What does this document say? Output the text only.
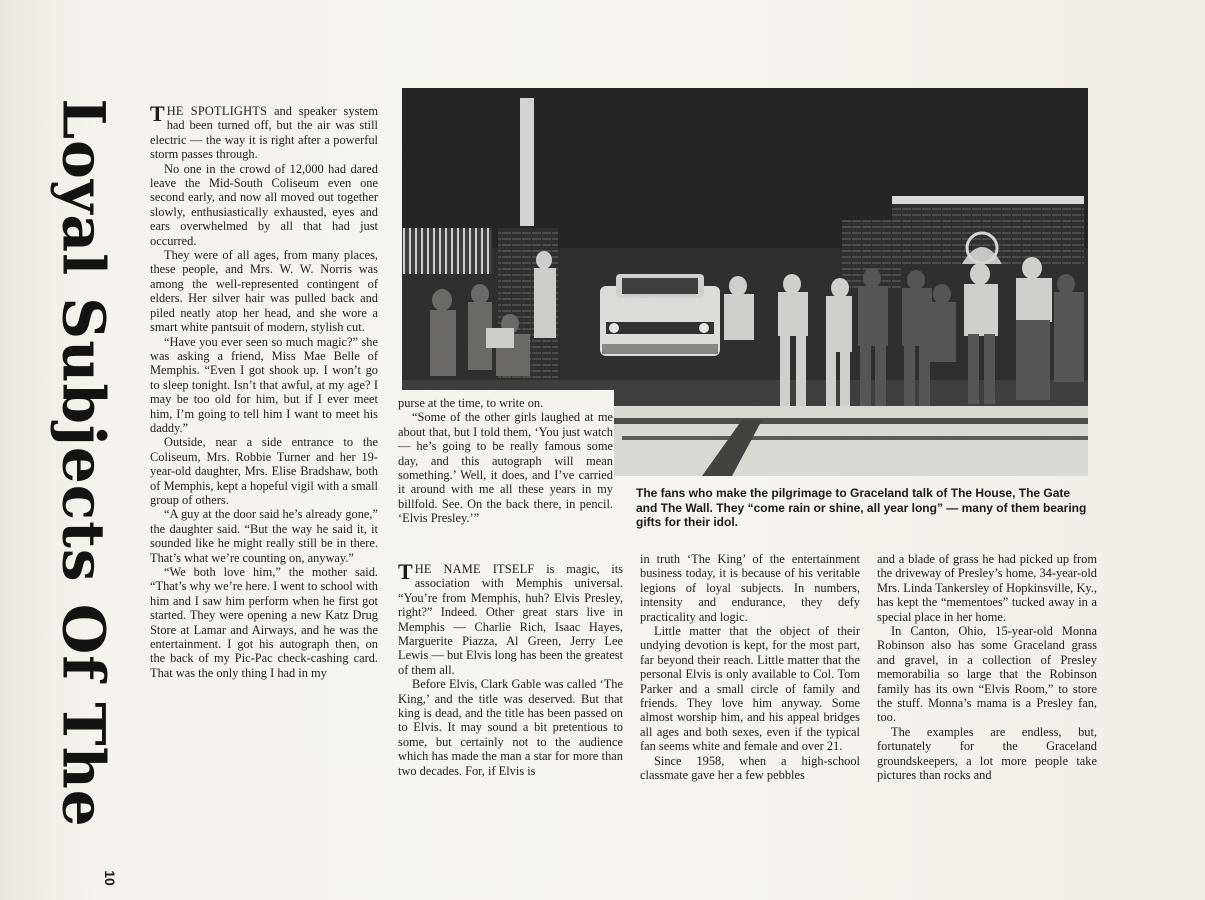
Loyal Subjects Of The
10

THE SPOTLIGHTS and speaker system had been turned off, but the air was still electric — the way it is right after a powerful storm passes through.

No one in the crowd of 12,000 had dared leave the Mid-South Coliseum even one second early, and now all moved out together slowly, enthusiastically exhausted, eyes and ears overwhelmed by all that had just occurred.

They were of all ages, from many places, these people, and Mrs. W. W. Norris was among the well-represented contingent of elders. Her silver hair was pulled back and piled neatly atop her head, and she wore a smart white pantsuit of modern, stylish cut.

“Have you ever seen so much magic?” she was asking a friend, Miss Mae Belle of Memphis. “Even I got shook up. I won’t go to sleep tonight. Isn’t that awful, at my age? I may be too old for him, but if I ever meet him, I’m going to tell him I want to meet his daddy.”

Outside, near a side entrance to the Coliseum, Mrs. Robbie Turner and her 19-year-old daughter, Mrs. Elise Bradshaw, both of Memphis, kept a hopeful vigil with a small group of others.

“A guy at the door said he’s already gone,” the daughter said. “But the way he said it, it sounded like he might really still be in there. That’s what we’re counting on, anyway.”

“We both love him,” the mother said. “That’s why we’re here. I went to school with him and I saw him perform when he first got started. They were opening a new Katz Drug Store at Lamar and Airways, and he was the entertainment. I got his autograph then, on the back of my Pic-Pac check-cashing card. That was the only thing I had in my

purse at the time, to write on.

“Some of the other girls laughed at me about that, but I told them, ‘You just watch — he’s going to be really famous some day, and this autograph will mean something.’ Well, it does, and I’ve carried it around with me all these years in my billfold. See. On the back there, in pencil. ‘Elvis Presley.’”

The fans who make the pilgrimage to Graceland talk of The House, The Gate and The Wall. They “come rain or shine, all year long” — many of them bearing gifts for their idol.

THE NAME ITSELF is magic, its association with Memphis universal. “You’re from Memphis, huh? Elvis Presley, right?” Indeed. Other great stars live in Memphis — Charlie Rich, Isaac Hayes, Marguerite Piazza, Al Green, Jerry Lee Lewis — but Elvis long has been the greatest of them all.

Before Elvis, Clark Gable was called ‘The King,’ and the title was deserved. But that king is dead, and the title has been passed on to Elvis. It may sound a bit pretentious to some, but certainly not to the audience which has made the man a star for more than two decades. For, if Elvis is

in truth ‘The King’ of the entertainment business today, it is because of his veritable legions of loyal subjects. In numbers, intensity and endurance, they defy practicality and logic.

Little matter that the object of their undying devotion is kept, for the most part, far beyond their reach. Little matter that the personal Elvis is only available to Col. Tom Parker and a small circle of family and friends. They love him anyway. Some almost worship him, and his appeal bridges all ages and both sexes, even if the typical fan seems white and female and over 21.

Since 1958, when a high-school classmate gave her a few pebbles

and a blade of grass he had picked up from the driveway of Presley’s home, 34-year-old Mrs. Linda Tankersley of Hopkinsville, Ky., has kept the “mementoes” tucked away in a special place in her home.

In Canton, Ohio, 15-year-old Monna Robinson also has some Graceland grass and gravel, in a collection of Presley memorabilia so large that the Robinson family has its own “Elvis Room,” to store the stuff. Monna’s mama is a Presley fan, too.

The examples are endless, but, fortunately for the Graceland groundskeepers, a lot more people take pictures than rocks and
